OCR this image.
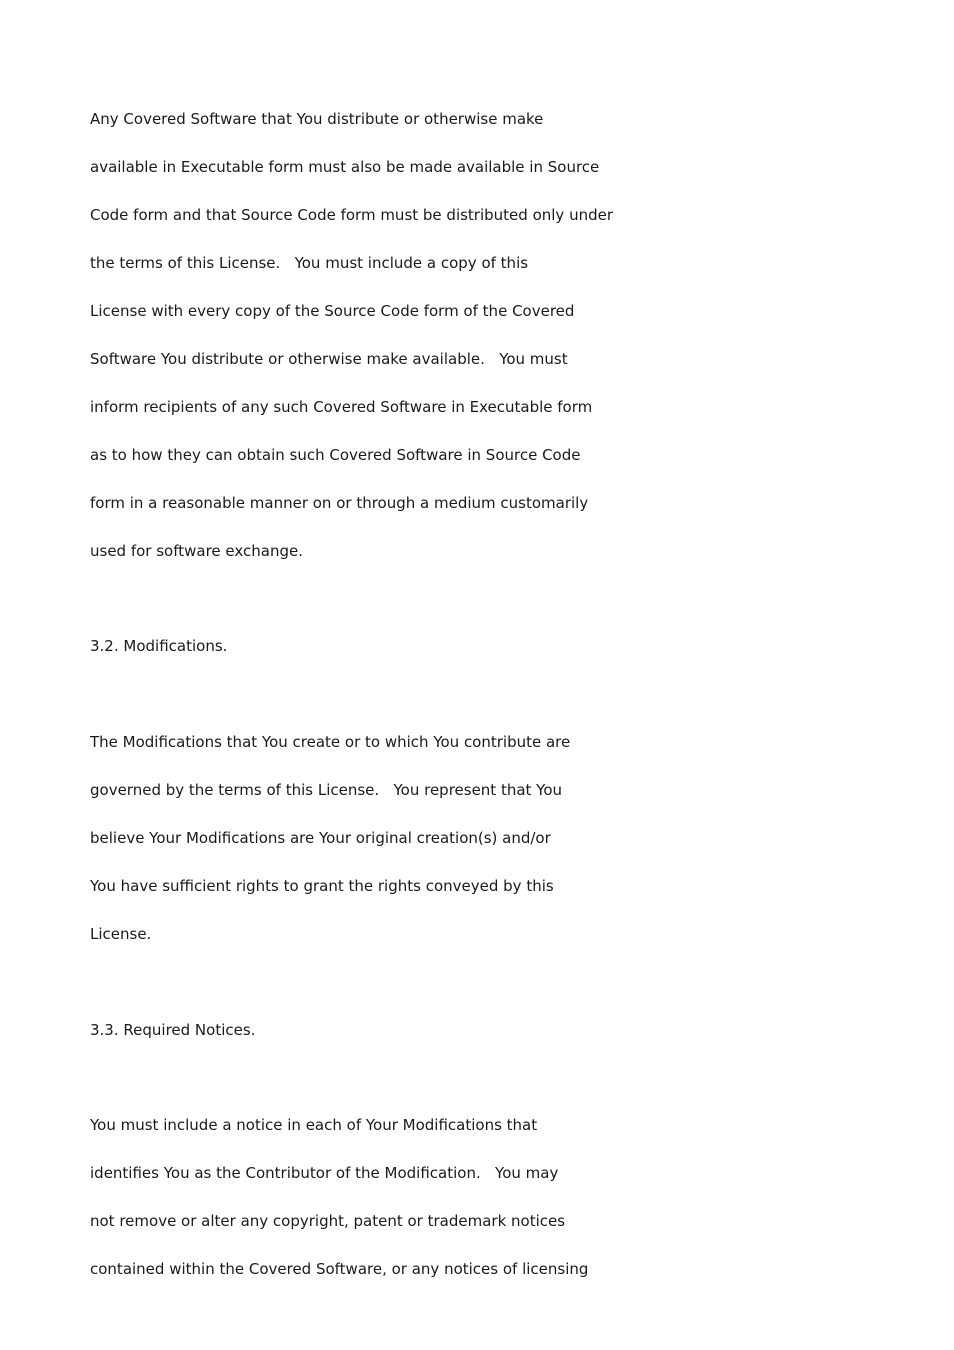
Any Covered Software that You distribute or otherwise make
available in Executable form must also be made available in Source
Code form and that Source Code form must be distributed only under
the terms of this License.   You must include a copy of this
License with every copy of the Source Code form of the Covered
Software You distribute or otherwise make available.   You must
inform recipients of any such Covered Software in Executable form
as to how they can obtain such Covered Software in Source Code
form in a reasonable manner on or through a medium customarily
used for software exchange.
3.2. Modifications.
The Modifications that You create or to which You contribute are
governed by the terms of this License.   You represent that You
believe Your Modifications are Your original creation(s) and/or
You have sufficient rights to grant the rights conveyed by this
License.
3.3. Required Notices.
You must include a notice in each of Your Modifications that
identifies You as the Contributor of the Modification.   You may
not remove or alter any copyright, patent or trademark notices
contained within the Covered Software, or any notices of licensing
